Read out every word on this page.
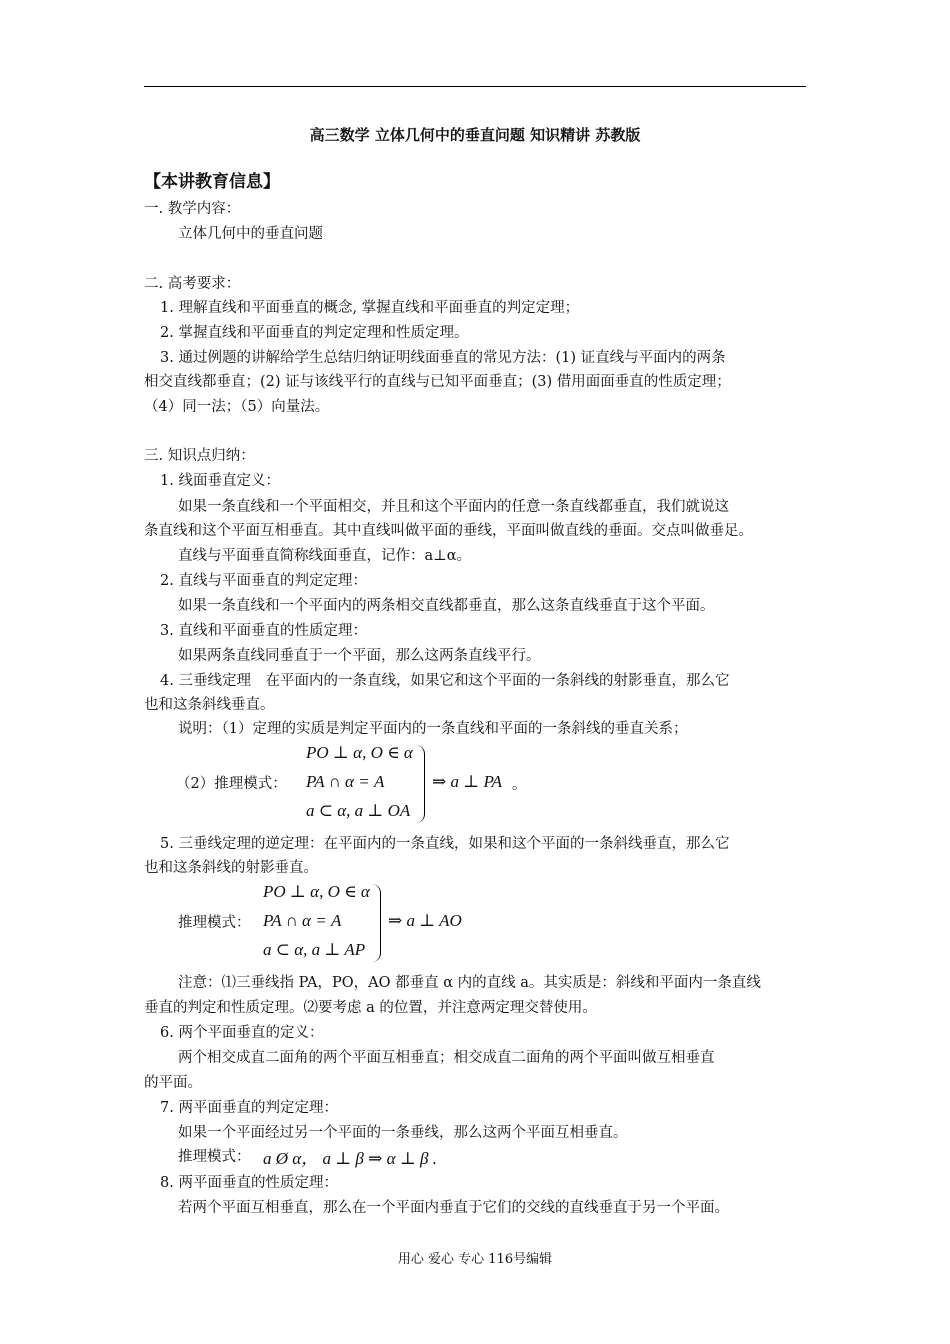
高三数学 立体几何中的垂直问题 知识精讲 苏教版
【本讲教育信息】
一. 教学内容：
立体几何中的垂直问题
二. 高考要求：
1. 理解直线和平面垂直的概念, 掌握直线和平面垂直的判定定理；
2. 掌握直线和平面垂直的判定定理和性质定理。
3. 通过例题的讲解给学生总结归纳证明线面垂直的常见方法：(1) 证直线与平面内的两条
相交直线都垂直；(2) 证与该线平行的直线与已知平面垂直；(3) 借用面面垂直的性质定理；
（4）同一法；（5）向量法。
三. 知识点归纳：
1. 线面垂直定义：
如果一条直线和一个平面相交，并且和这个平面内的任意一条直线都垂直，我们就说这
条直线和这个平面互相垂直。其中直线叫做平面的垂线，平面叫做直线的垂面。交点叫做垂足。
直线与平面垂直简称线面垂直，记作：a⊥α。
2. 直线与平面垂直的判定定理：
如果一条直线和一个平面内的两条相交直线都垂直，那么这条直线垂直于这个平面。
3. 直线和平面垂直的性质定理：
如果两条直线同垂直于一个平面，那么这两条直线平行。
4. 三垂线定理　在平面内的一条直线，如果它和这个平面的一条斜线的射影垂直，那么它
也和这条斜线垂直。
说明：（1）定理的实质是判定平面内的一条直线和平面的一条斜线的垂直关系；
（2）推理模式：
PO ⊥ α, O ∈ α
PA ∩ α = A
a ⊂ α, a ⊥ OA
⇒ a ⊥ PA 。
5. 三垂线定理的逆定理：在平面内的一条直线，如果和这个平面的一条斜线垂直，那么它
也和这条斜线的射影垂直。
推理模式：
PO ⊥ α, O ∈ α
PA ∩ α = A
a ⊂ α, a ⊥ AP
⇒ a ⊥ AO
注意：⑴三垂线指 PA，PO，AO 都垂直 α 内的直线 a。其实质是：斜线和平面内一条直线
垂直的判定和性质定理。⑵要考虑 a 的位置，并注意两定理交替使用。
6. 两个平面垂直的定义：
两个相交成直二面角的两个平面互相垂直；相交成直二面角的两个平面叫做互相垂直
的平面。
7. 两平面垂直的判定定理：
如果一个平面经过另一个平面的一条垂线，那么这两个平面互相垂直。
推理模式： a Ø α， a ⊥ β ⇒ α ⊥ β .
8. 两平面垂直的性质定理：
若两个平面互相垂直，那么在一个平面内垂直于它们的交线的直线垂直于另一个平面。
用心 爱心 专心 116号编辑
